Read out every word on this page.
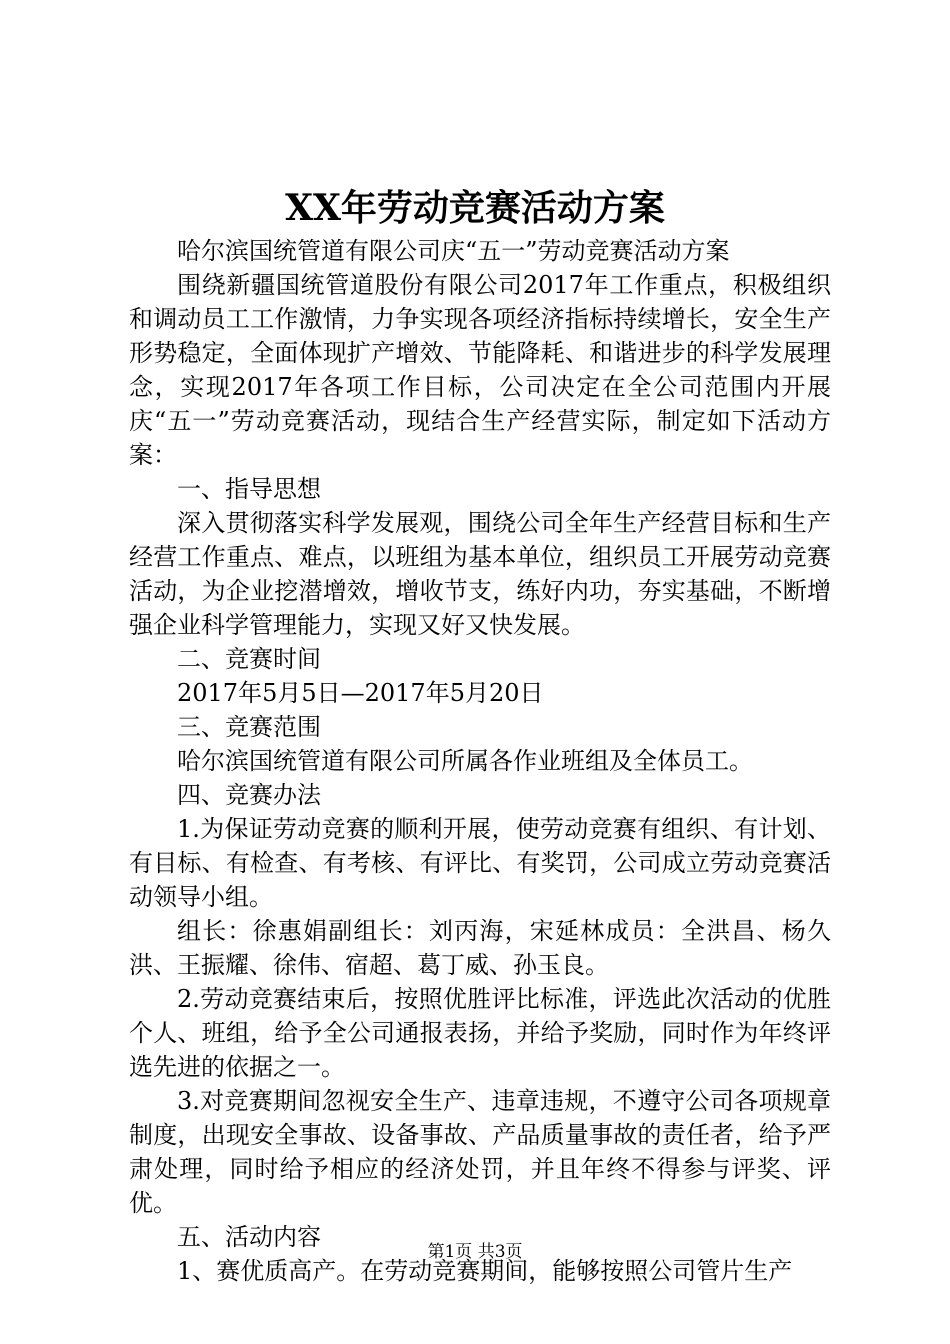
XX年劳动竞赛活动方案

哈尔滨国统管道有限公司庆“五一”劳动竞赛活动方案

围绕新疆国统管道股份有限公司2017年工作重点，积极组织和调动员工工作激情，力争实现各项经济指标持续增长，安全生产形势稳定，全面体现扩产增效、节能降耗、和谐进步的科学发展理念，实现2017年各项工作目标，公司决定在全公司范围内开展庆“五一”劳动竞赛活动，现结合生产经营实际，制定如下活动方案：

一、指导思想

深入贯彻落实科学发展观，围绕公司全年生产经营目标和生产经营工作重点、难点，以班组为基本单位，组织员工开展劳动竞赛活动，为企业挖潜增效，增收节支，练好内功，夯实基础，不断增强企业科学管理能力，实现又好又快发展。

二、竞赛时间

2017年5月5日—2017年5月20日

三、竞赛范围

哈尔滨国统管道有限公司所属各作业班组及全体员工。

四、竞赛办法

1.为保证劳动竞赛的顺利开展，使劳动竞赛有组织、有计划、有目标、有检查、有考核、有评比、有奖罚，公司成立劳动竞赛活动领导小组。

组长：徐惠娟副组长：刘丙海，宋延林成员：全洪昌、杨久洪、王振耀、徐伟、宿超、葛丁威、孙玉良。

2.劳动竞赛结束后，按照优胜评比标准，评选此次活动的优胜个人、班组，给予全公司通报表扬，并给予奖励，同时作为年终评选先进的依据之一。

3.对竞赛期间忽视安全生产、违章违规，不遵守公司各项规章制度，出现安全事故、设备事故、产品质量事故的责任者，给予严肃处理，同时给予相应的经济处罚，并且年终不得参与评奖、评优。

五、活动内容

1、赛优质高产。在劳动竞赛期间，能够按照公司管片生产

第1页 共3页
